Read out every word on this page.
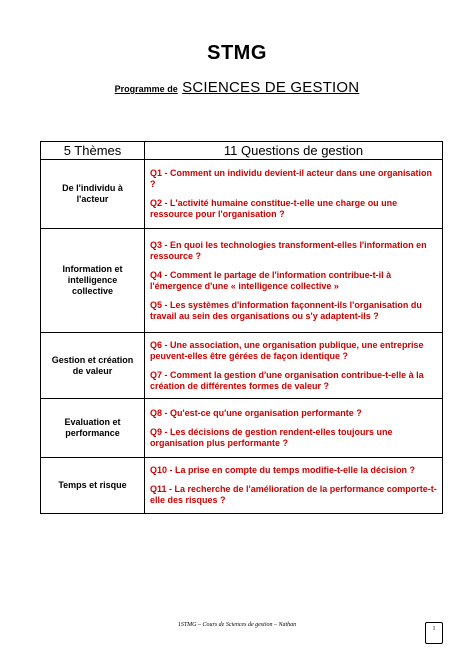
STMG
Programme de SCIENCES DE GESTION
5 Thèmes	11 Questions de gestion
De l'individu à l'acteur	Q1 - Comment un individu devient-il acteur dans une organisation ?

Q2 - L'activité humaine constitue-t-elle une charge ou une ressource pour l'organisation ?

Information et intelligence collective	Q3 - En quoi les technologies transforment-elles l'information en ressource ?

Q4 - Comment le partage de l'information contribue-t-il à l'émergence d'une « intelligence collective »

Q5 - Les systèmes d'information façonnent-ils l'organisation du travail au sein des organisations ou s'y adaptent-ils ?

Gestion et création de valeur	Q6 - Une association, une organisation publique, une entreprise peuvent-elles être gérées de façon identique ?

Q7 - Comment la gestion d'une organisation contribue-t-elle à la création de différentes formes de valeur ?

Evaluation et performance	Q8 - Qu'est-ce qu'une organisation performante ?

Q9 - Les décisions de gestion rendent-elles toujours une organisation plus performante ?

Temps et risque	Q10 - La prise en compte du temps modifie-t-elle la décision ?

Q11 - La recherche de l'amélioration de la performance comporte-t-elle des risques ?

1STMG – Cours de Sciences de gestion – Nathan
1
